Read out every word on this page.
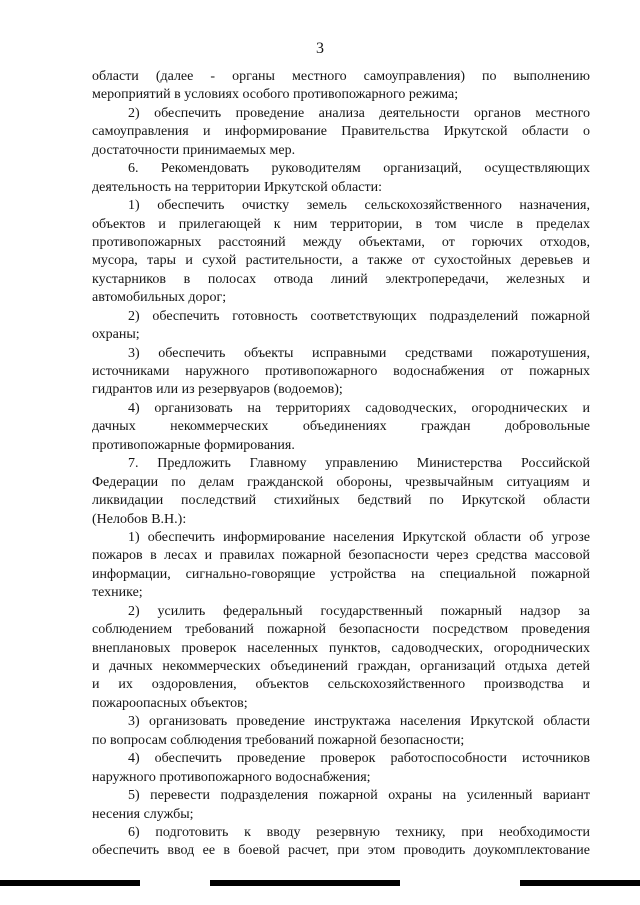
3
области (далее - органы местного самоуправления) по выполнению
мероприятий в условиях особого противопожарного режима;
2) обеспечить проведение анализа деятельности органов местного
самоуправления и информирование Правительства Иркутской области о
достаточности принимаемых мер.
6. Рекомендовать руководителям организаций, осуществляющих
деятельность на территории Иркутской области:
1) обеспечить очистку земель сельскохозяйственного назначения,
объектов и прилегающей к ним территории, в том числе в пределах
противопожарных расстояний между объектами, от горючих отходов,
мусора, тары и сухой растительности, а также от сухостойных деревьев и
кустарников в полосах отвода линий электропередачи, железных и
автомобильных дорог;
2) обеспечить готовность соответствующих подразделений пожарной
охраны;
3) обеспечить объекты исправными средствами пожаротушения,
источниками наружного противопожарного водоснабжения от пожарных
гидрантов или из резервуаров (водоемов);
4) организовать на территориях садоводческих, огороднических и
дачных некоммерческих объединениях граждан добровольные
противопожарные формирования.
7. Предложить Главному управлению Министерства Российской
Федерации по делам гражданской обороны, чрезвычайным ситуациям и
ликвидации последствий стихийных бедствий по Иркутской области
(Нелобов В.Н.):
1) обеспечить информирование населения Иркутской области об угрозе
пожаров в лесах и правилах пожарной безопасности через средства массовой
информации, сигнально-говорящие устройства на специальной пожарной
технике;
2) усилить федеральный государственный пожарный надзор за
соблюдением требований пожарной безопасности посредством проведения
внеплановых проверок населенных пунктов, садоводческих, огороднических
и дачных некоммерческих объединений граждан, организаций отдыха детей
и их оздоровления, объектов сельскохозяйственного производства и
пожароопасных объектов;
3) организовать проведение инструктажа населения Иркутской области
по вопросам соблюдения требований пожарной безопасности;
4) обеспечить проведение проверок работоспособности источников
наружного противопожарного водоснабжения;
5) перевести подразделения пожарной охраны на усиленный вариант
несения службы;
6) подготовить к вводу резервную технику, при необходимости
обеспечить ввод ее в боевой расчет, при этом проводить доукомплектование
